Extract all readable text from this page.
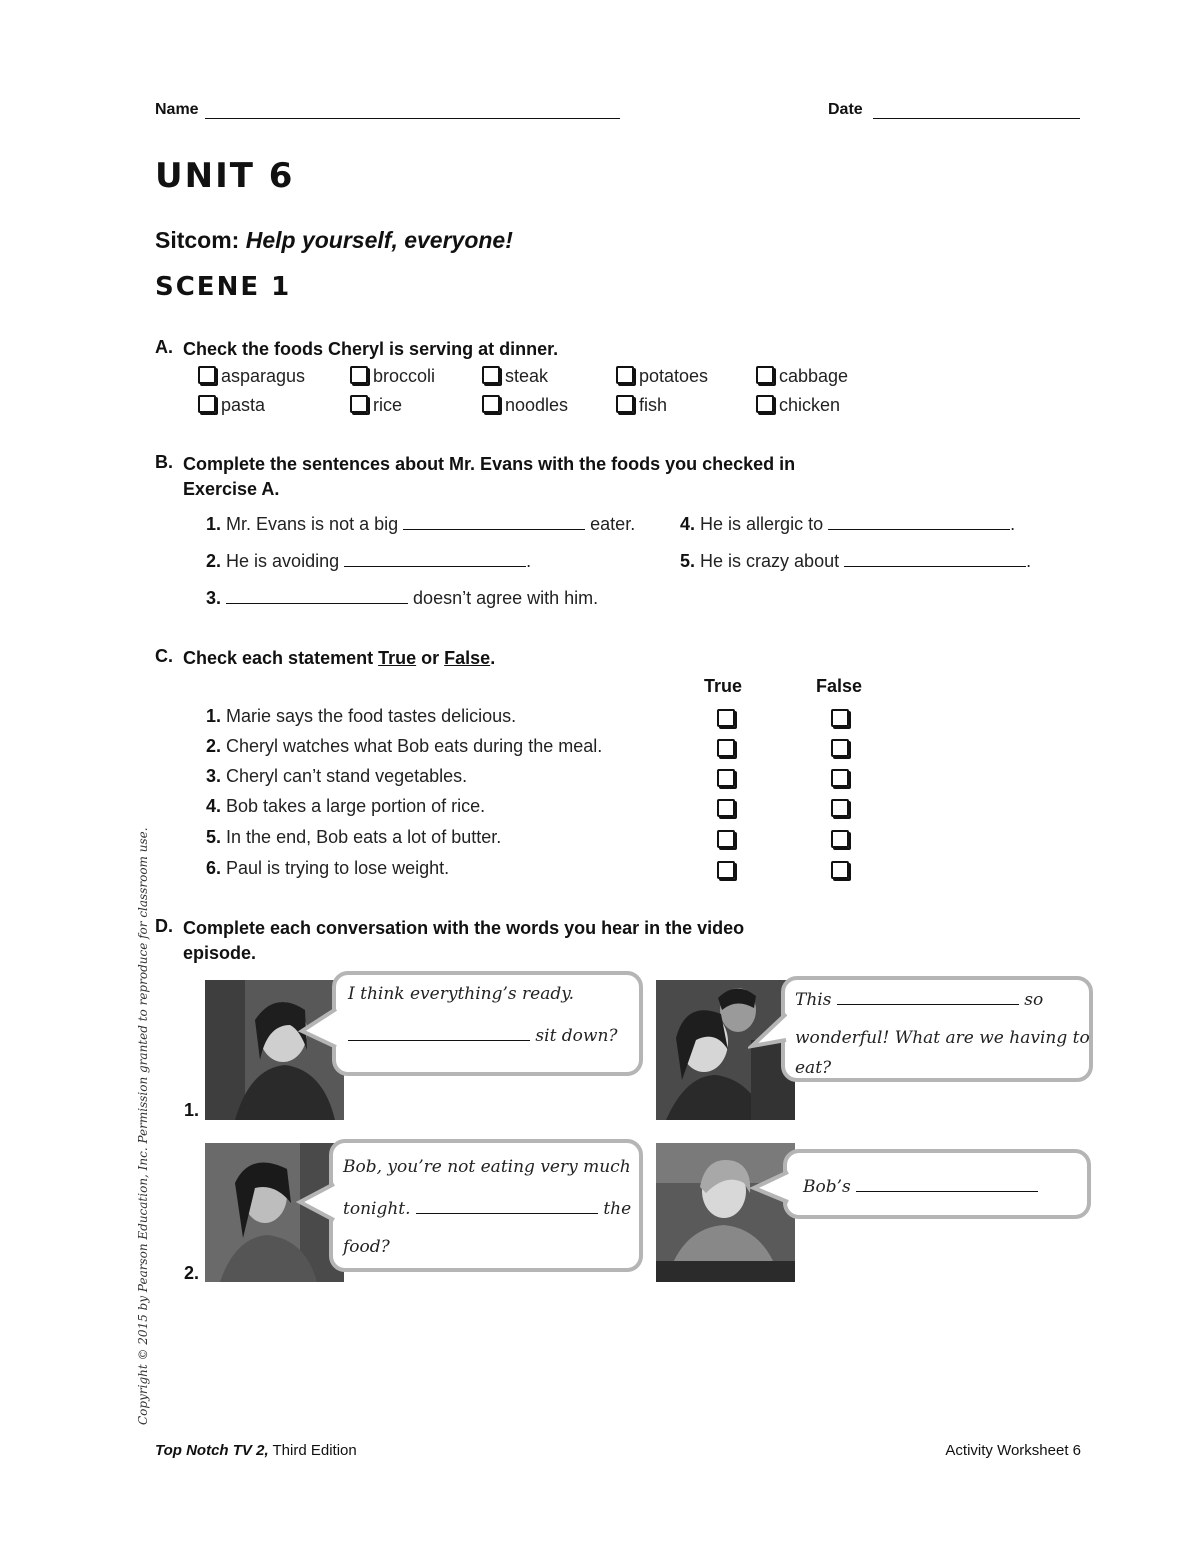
Name	Date
UNIT 6
Sitcom: Help yourself, everyone!
SCENE 1
A. Check the foods Cheryl is serving at dinner.
asparagus	broccoli	steak	potatoes	cabbage
pasta	rice	noodles	fish	chicken
B. Complete the sentences about Mr. Evans with the foods you checked in
Exercise A.
1. Mr. Evans is not a big	eater.
2. He is avoiding	.
3.	doesn’t agree with him.
4. He is allergic to	.
5. He is crazy about	.
C. Check each statement True or False.
True	False
1. Marie says the food tastes delicious.
2. Cheryl watches what Bob eats during the meal.
3. Cheryl can’t stand vegetables.
4. Bob takes a large portion of rice.
5. In the end, Bob eats a lot of butter.
6. Paul is trying to lose weight.
D. Complete each conversation with the words you hear in the video
episode.
1.
I think everything’s ready.
sit down?
This	so
wonderful! What are we having to
eat?
2.
Bob, you’re not eating very much
tonight.	the
food?
Bob’s
Copyright © 2015 by Pearson Education, Inc. Permission granted to reproduce for classroom use.
Top Notch TV 2, Third Edition	Activity Worksheet 6
